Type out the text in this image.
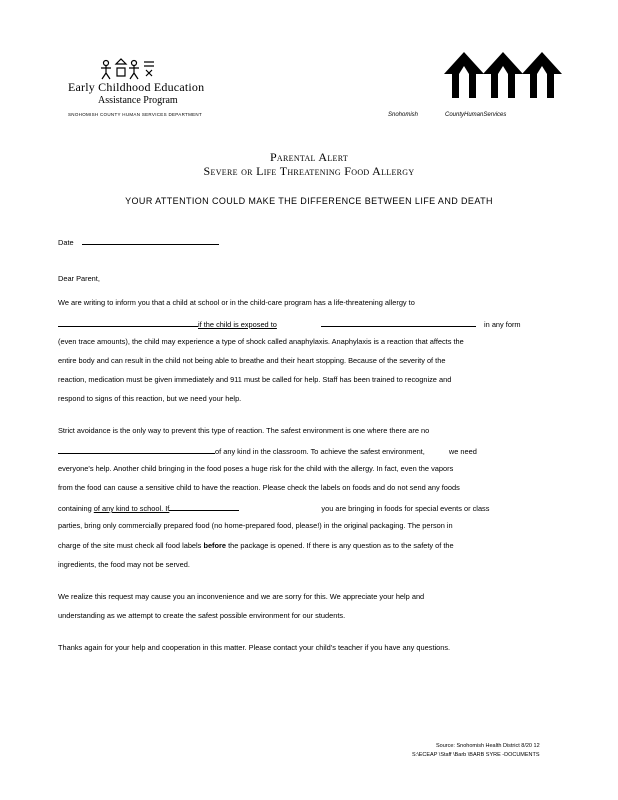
Early Childhood Education
Assistance Program
SNOHOMISH COUNTY HUMAN SERVICES DEPARTMENT	Snohomish	CountyHumanServices
Parental Alert
Severe or Life Threatening Food Allergy
YOUR ATTENTION COULD MAKE THE DIFFERENCE BETWEEN LIFE AND DEATH
Date
Dear Parent,
We are writing to inform you that a child at school or in the child-care program has a life-threatening allergy to
if the child is exposed to	in any form
(even trace amounts), the child may experience a type of shock called anaphylaxis. Anaphylaxis is a reaction that affects the
entire body and can result in the child not being able to breathe and their heart stopping. Because of the severity of the
reaction, medication must be given immediately and 911 must be called for help. Staff has been trained to recognize and
respond to signs of this reaction, but we need your help.
Strict avoidance is the only way to prevent this type of reaction. The safest environment is one where there are no
of any kind in the classroom. To achieve the safest environment,	we need
everyone's help. Another child bringing in the food poses a huge risk for the child with the allergy. In fact, even the vapors
from the food can cause a sensitive child to have the reaction. Please check the labels on foods and do not send any foods
containing of any kind to school. If	you are bringing in foods for special events or class
parties, bring only commercially prepared food (no home-prepared food, please!) in the original packaging. The person in
charge of the site must check all food labels before the package is opened. If there is any question as to the safety of the
ingredients, the food may not be served.
We realize this request may cause you an inconvenience and we are sorry for this. We appreciate your help and
understanding as we attempt to create the safest possible environment for our students.
Thanks again for your help and cooperation in this matter. Please contact your child's teacher if you have any questions.
Source: Snohomish Health District 8/20 12
S:\ECEAP \Staff \Barb \BARB SYRE -DOCUMENTS
